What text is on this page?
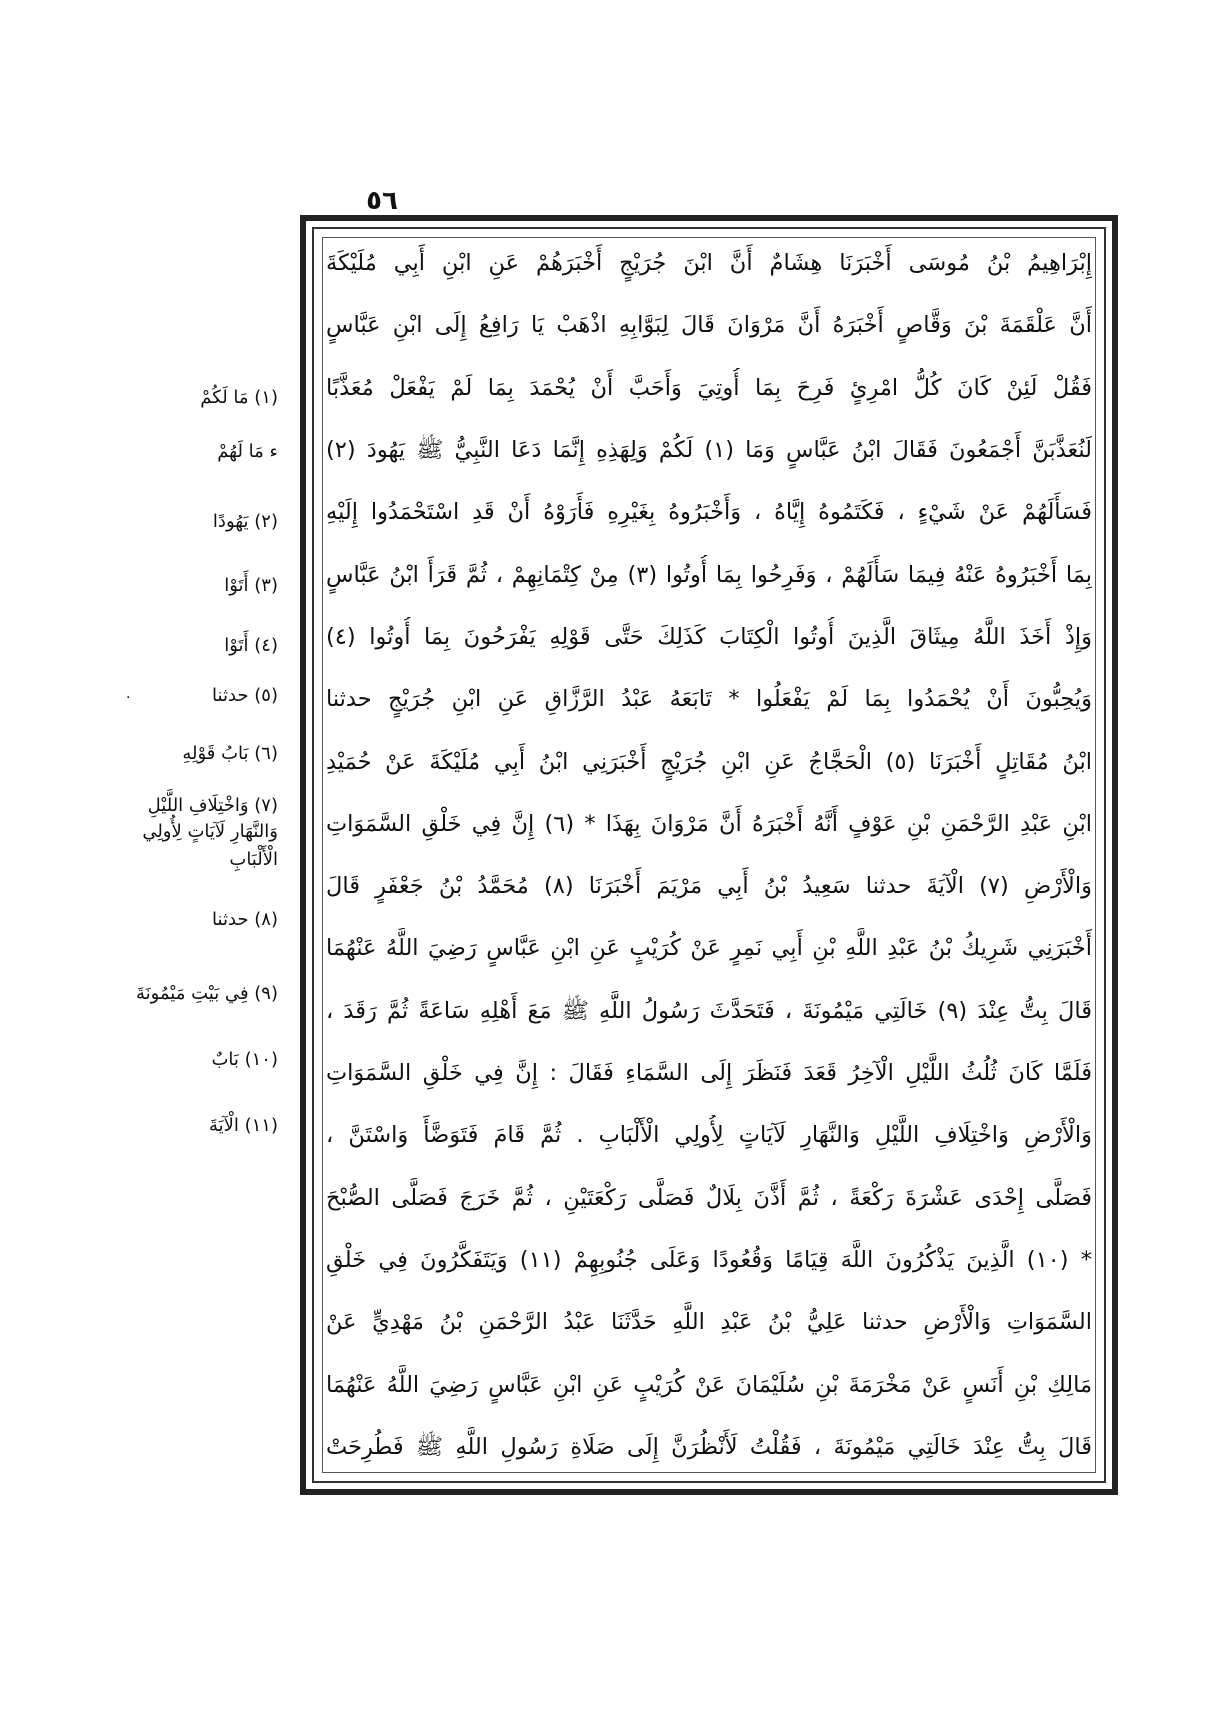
٥٦
إِبْرَاهِيمُ بْنُ مُوسَى أَخْبَرَنَا هِشَامٌ أَنَّ ابْنَ جُرَيْجٍ أَخْبَرَهُمْ عَنِ ابْنِ أَبِي مُلَيْكَةَ
أَنَّ عَلْقَمَةَ بْنَ وَقَّاصٍ أَخْبَرَهُ أَنَّ مَرْوَانَ قَالَ لِبَوَّابِهِ اذْهَبْ يَا رَافِعُ إِلَى ابْنِ عَبَّاسٍ
فَقُلْ لَئِنْ كَانَ كُلُّ امْرِئٍ فَرِحَ بِمَا أُوتِيَ وَأَحَبَّ أَنْ يُحْمَدَ بِمَا لَمْ يَفْعَلْ مُعَذَّبًا
لَنُعَذَّبَنَّ أَجْمَعُونَ فَقَالَ ابْنُ عَبَّاسٍ وَمَا (١) لَكُمْ وَلِهَذِهِ إِنَّمَا دَعَا النَّبِيُّ ﷺ يَهُودَ (٢)
فَسَأَلَهُمْ عَنْ شَيْءٍ ، فَكَتَمُوهُ إِيَّاهُ ، وَأَخْبَرُوهُ بِغَيْرِهِ فَأَرَوْهُ أَنْ قَدِ اسْتَحْمَدُوا إِلَيْهِ
بِمَا أَخْبَرُوهُ عَنْهُ فِيمَا سَأَلَهُمْ ، وَفَرِحُوا بِمَا أُوتُوا (٣) مِنْ كِتْمَانِهِمْ ، ثُمَّ قَرَأَ ابْنُ عَبَّاسٍ
وَإِذْ أَخَذَ اللَّهُ مِيثَاقَ الَّذِينَ أُوتُوا الْكِتَابَ كَذَلِكَ حَتَّى قَوْلِهِ يَفْرَحُونَ بِمَا أُوتُوا (٤)
وَيُحِبُّونَ أَنْ يُحْمَدُوا بِمَا لَمْ يَفْعَلُوا * تَابَعَهُ عَبْدُ الرَّزَّاقِ عَنِ ابْنِ جُرَيْجٍ حدثنا
ابْنُ مُقَاتِلٍ أَخْبَرَنَا (٥) الْحَجَّاجُ عَنِ ابْنِ جُرَيْجٍ أَخْبَرَنِي ابْنُ أَبِي مُلَيْكَةَ عَنْ حُمَيْدِ
ابْنِ عَبْدِ الرَّحْمَنِ بْنِ عَوْفٍ أَنَّهُ أَخْبَرَهُ أَنَّ مَرْوَانَ بِهَذَا * (٦) إِنَّ فِي خَلْقِ السَّمَوَاتِ
وَالْأَرْضِ (٧) الْآيَةَ حدثنا سَعِيدُ بْنُ أَبِي مَرْيَمَ أَخْبَرَنَا (٨) مُحَمَّدُ بْنُ جَعْفَرٍ قَالَ
أَخْبَرَنِي شَرِيكُ بْنُ عَبْدِ اللَّهِ بْنِ أَبِي نَمِرٍ عَنْ كُرَيْبٍ عَنِ ابْنِ عَبَّاسٍ رَضِيَ اللَّهُ عَنْهُمَا
قَالَ بِتُّ عِنْدَ (٩) خَالَتِي مَيْمُونَةَ ، فَتَحَدَّثَ رَسُولُ اللَّهِ ﷺ مَعَ أَهْلِهِ سَاعَةً ثُمَّ رَقَدَ ،
فَلَمَّا كَانَ ثُلُثُ اللَّيْلِ الْآخِرُ قَعَدَ فَنَظَرَ إِلَى السَّمَاءِ فَقَالَ : إِنَّ فِي خَلْقِ السَّمَوَاتِ
وَالْأَرْضِ وَاخْتِلَافِ اللَّيْلِ وَالنَّهَارِ لَآيَاتٍ لِأُولِي الْأَلْبَابِ . ثُمَّ قَامَ فَتَوَضَّأَ وَاسْتَنَّ ،
فَصَلَّى إِحْدَى عَشْرَةَ رَكْعَةً ، ثُمَّ أَذَّنَ بِلَالٌ فَصَلَّى رَكْعَتَيْنِ ، ثُمَّ خَرَجَ فَصَلَّى الصُّبْحَ
* (١٠) الَّذِينَ يَذْكُرُونَ اللَّهَ قِيَامًا وَقُعُودًا وَعَلَى جُنُوبِهِمْ (١١) وَيَتَفَكَّرُونَ فِي خَلْقِ
السَّمَوَاتِ وَالْأَرْضِ حدثنا عَلِيُّ بْنُ عَبْدِ اللَّهِ حَدَّثَنَا عَبْدُ الرَّحْمَنِ بْنُ مَهْدِيٍّ عَنْ
مَالِكِ بْنِ أَنَسٍ عَنْ مَخْرَمَةَ بْنِ سُلَيْمَانَ عَنْ كُرَيْبٍ عَنِ ابْنِ عَبَّاسٍ رَضِيَ اللَّهُ عَنْهُمَا
قَالَ بِتُّ عِنْدَ خَالَتِي مَيْمُونَةَ ، فَقُلْتُ لَأَنْظُرَنَّ إِلَى صَلَاةِ رَسُولِ اللَّهِ ﷺ فَطُرِحَتْ
(١) مَا لَكُمْ
ء مَا لَهُمْ
(٢) يَهُودًا
(٣) أَتَوْا
(٤) أَتَوْا
(٥) حدثنا
(٦) بَابُ قَوْلِهِ
(٧) وَاخْتِلَافِ اللَّيْلِ
وَالنَّهَارِ لَآيَاتٍ لِأُولِي
الْأَلْبَابِ
(٨) حدثنا
(٩) فِي بَيْتِ مَيْمُونَةَ
(١٠) بَابٌ
(١١) الْآيَةَ
·
